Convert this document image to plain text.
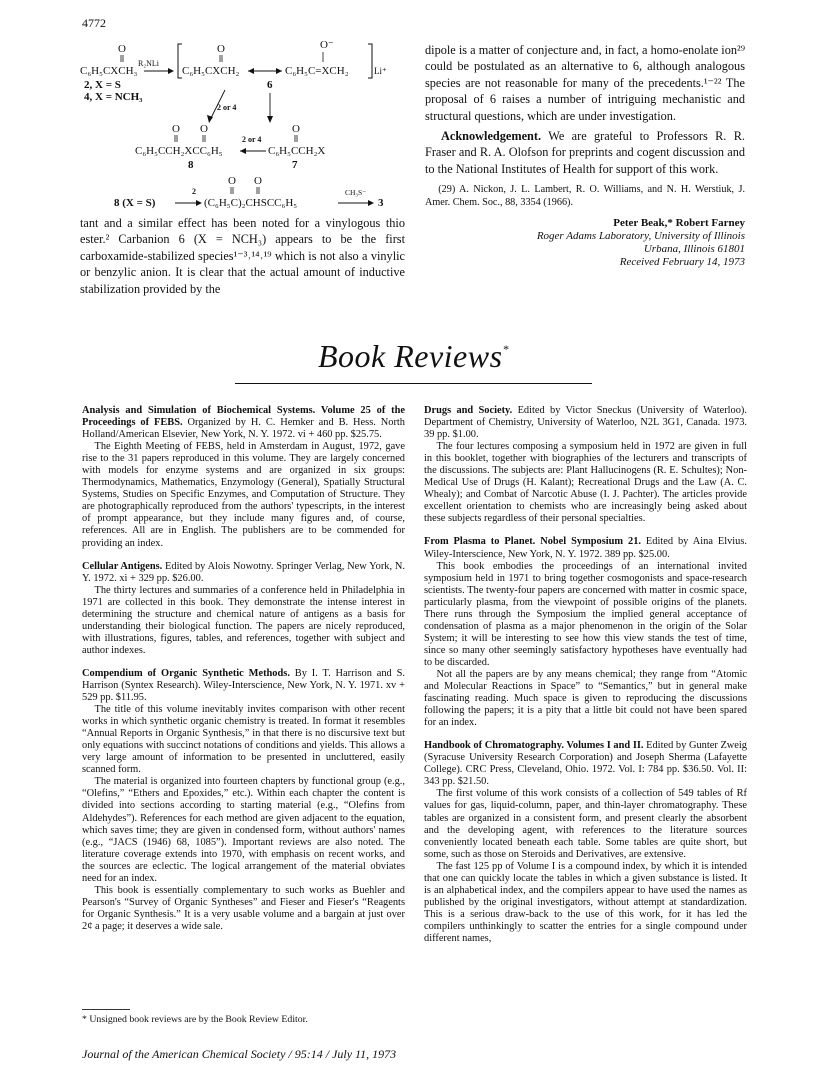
4772
O
R₂NLi
C₆H₅CXCH₃
O
C₆H₅CXCH₂
O⁻
C₆H₅C=XCH₂	Li⁺
2, X = S
4, X = NCH₃
6
2 or 4
O O	O
C₆H₅CCH₂XCC₆H₅
2 or 4
C₆H₅CCH₂X
8	7
O O
8 (X = S)
2
(C₆H₅C)₂CHSCC₆H₅
CH₃S⁻
3
tant and a similar effect has been noted for a vinylogous thio ester.² Carbanion 6 (X = NCH₃) appears to be the first carboxamide-stabilized species¹⁻³˒¹⁴˒¹⁹ which is not also a vinylic or benzylic anion. It is clear that the actual amount of inductive stabilization provided by the
dipole is a matter of conjecture and, in fact, a homo-enolate ion²⁹ could be postulated as an alternative to 6, although analogous species are not reasonable for many of the precedents.¹⁻²² The proposal of 6 raises a number of intriguing mechanistic and structural questions, which are under investigation.
Acknowledgement. We are grateful to Professors R. R. Fraser and R. A. Olofson for preprints and cogent discussion and to the National Institutes of Health for support of this work.
(29) A. Nickon, J. L. Lambert, R. O. Williams, and N. H. Werstiuk, J. Amer. Chem. Soc., 88, 3354 (1966).
Peter Beak,* Robert Farney
Roger Adams Laboratory, University of Illinois
Urbana, Illinois 61801
Received February 14, 1973
Book Reviews*

Analysis and Simulation of Biochemical Systems. Volume 25 of the Proceedings of FEBS. Organized by H. C. Hemker and B. Hess. North Holland/American Elsevier, New York, N. Y. 1972. vi + 460 pp. $25.75.

The Eighth Meeting of FEBS, held in Amsterdam in August, 1972, gave rise to the 31 papers reproduced in this volume. They are largely concerned with models for enzyme systems and are organized in six groups: Thermodynamics, Mathematics, Enzymology (General), Spatially Structural Systems, Studies on Specific Enzymes, and Computation of Structure. They are photographically reproduced from the authors' typescripts, in the interest of prompt appearance, but they include many figures and, of course, references. All are in English. The publishers are to be commended for providing an index.

Cellular Antigens. Edited by Alois Nowotny. Springer Verlag, New York, N. Y. 1972. xi + 329 pp. $26.00.

The thirty lectures and summaries of a conference held in Philadelphia in 1971 are collected in this book. They demonstrate the intense interest in determining the structure and chemical nature of antigens as a basis for understanding their biological function. The papers are nicely reproduced, with illustrations, figures, tables, and references, together with subject and author indexes.

Compendium of Organic Synthetic Methods. By I. T. Harrison and S. Harrison (Syntex Research). Wiley-Interscience, New York, N. Y. 1971. xv + 529 pp. $11.95.

The title of this volume inevitably invites comparison with other recent works in which synthetic organic chemistry is treated. In format it resembles “Annual Reports in Organic Synthesis,” in that there is no discursive text but only equations with succinct notations of conditions and yields. This allows a very large amount of information to be presented in uncluttered, easily scanned form.

The material is organized into fourteen chapters by functional group (e.g., “Olefins,” “Ethers and Epoxides,” etc.). Within each chapter the content is divided into sections according to starting material (e.g., “Olefins from Aldehydes”). References for each method are given adjacent to the equation, which saves time; they are given in condensed form, without authors' names (e.g., “JACS (1946) 68, 1085”). Important reviews are also noted. The literature coverage extends into 1970, with emphasis on recent works, and the sources are eclectic. The logical arrangement of the material obviates need for an index.

This book is essentially complementary to such works as Buehler and Pearson's “Survey of Organic Syntheses” and Fieser and Fieser's “Reagents for Organic Synthesis.” It is a very usable volume and a bargain at just over 2¢ a page; it deserves a wide sale.

Drugs and Society. Edited by Victor Sneckus (University of Waterloo). Department of Chemistry, University of Waterloo, N2L 3G1, Canada. 1973. 39 pp. $1.00.

The four lectures composing a symposium held in 1972 are given in full in this booklet, together with biographies of the lecturers and transcripts of the discussions. The subjects are: Plant Hallucinogens (R. E. Schultes); Non-Medical Use of Drugs (H. Kalant); Recreational Drugs and the Law (A. C. Whealy); and Combat of Narcotic Abuse (I. J. Pachter). The articles provide excellent orientation to chemists who are increasingly being asked about these subjects regardless of their personal specialties.

From Plasma to Planet. Nobel Symposium 21. Edited by Aina Elvius. Wiley-Interscience, New York, N. Y. 1972. 389 pp. $25.00.

This book embodies the proceedings of an international invited symposium held in 1971 to bring together cosmogonists and space-research scientists. The twenty-four papers are concerned with matter in cosmic space, particularly plasma, from the viewpoint of possible origins of the planets. There runs through the Symposium the implied general acceptance of condensation of plasma as a major phenomenon in the origin of the Solar System; it will be interesting to see how this view stands the test of time, since so many other seemingly satisfactory hypotheses have eventually had to be discarded.

Not all the papers are by any means chemical; they range from “Atomic and Molecular Reactions in Space” to “Semantics,” but in general make fascinating reading. Much space is given to reproducing the discussions following the papers; it is a pity that a little bit could not have been spared for an index.

Handbook of Chromatography. Volumes I and II. Edited by Gunter Zweig (Syracuse University Research Corporation) and Joseph Sherma (Lafayette College). CRC Press, Cleveland, Ohio. 1972. Vol. I: 784 pp. $36.50. Vol. II: 343 pp. $21.50.

The first volume of this work consists of a collection of 549 tables of Rf values for gas, liquid-column, paper, and thin-layer chromatography. These tables are organized in a consistent form, and present clearly the absorbent and the developing agent, with references to the literature sources conveniently located beneath each table. Some tables are quite short, but some, such as those on Steroids and Derivatives, are extensive.

The fast 125 pp of Volume I is a compound index, by which it is intended that one can quickly locate the tables in which a given substance is listed. It is an alphabetical index, and the compilers appear to have used the names as published by the original investigators, without attempt at standardization. This is a serious draw-back to the use of this work, for it has led the compilers unthinkingly to scatter the entries for a single compound under different names,

* Unsigned book reviews are by the Book Review Editor.
Journal of the American Chemical Society / 95:14 / July 11, 1973
